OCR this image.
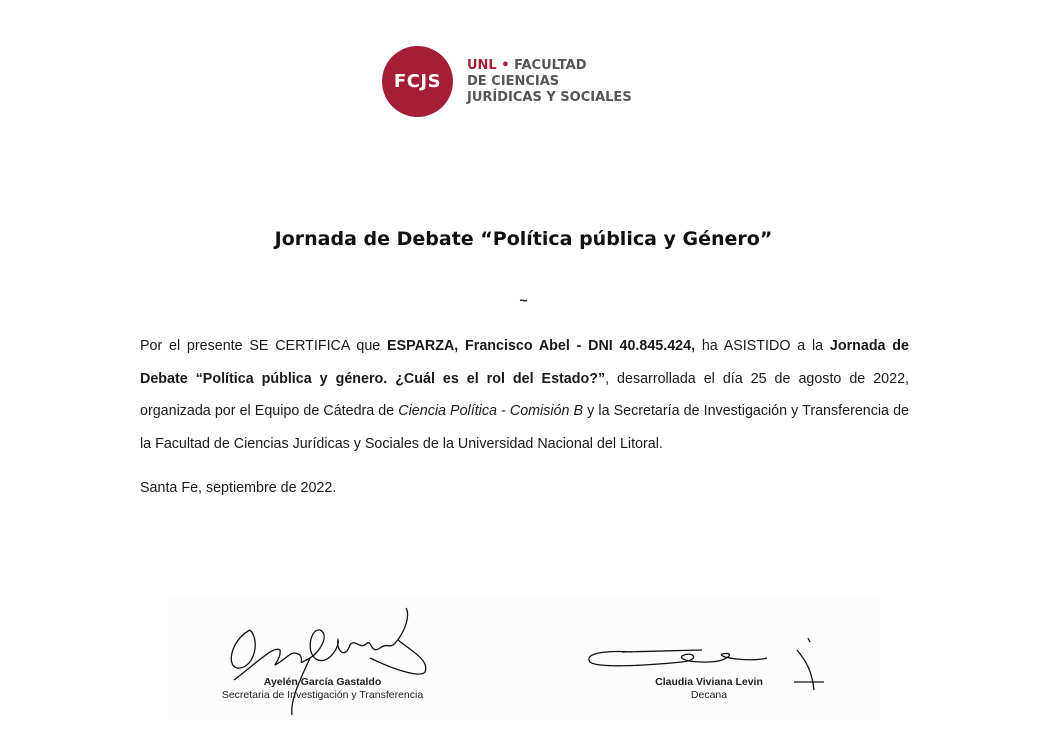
FCJS
UNL • FACULTAD
DE CIENCIAS
JURÍDICAS Y SOCIALES
Jornada de Debate “Política pública y Género”
~
Por el presente SE CERTIFICA que ESPARZA, Francisco Abel - DNI 40.845.424, ha ASISTIDO a la Jornada de Debate “Política pública y género. ¿Cuál es el rol del Estado?”, desarrollada el día 25 de agosto de 2022, organizada por el Equipo de Cátedra de Ciencia Política - Comisión B y la Secretaría de Investigación y Transferencia de la Facultad de Ciencias Jurídicas y Sociales de la Universidad Nacional del Litoral.
Santa Fe, septiembre de 2022.
Ayelén García Gastaldo
Secretaria de Investigación y Transferencia
Claudia Viviana Levin
Decana
